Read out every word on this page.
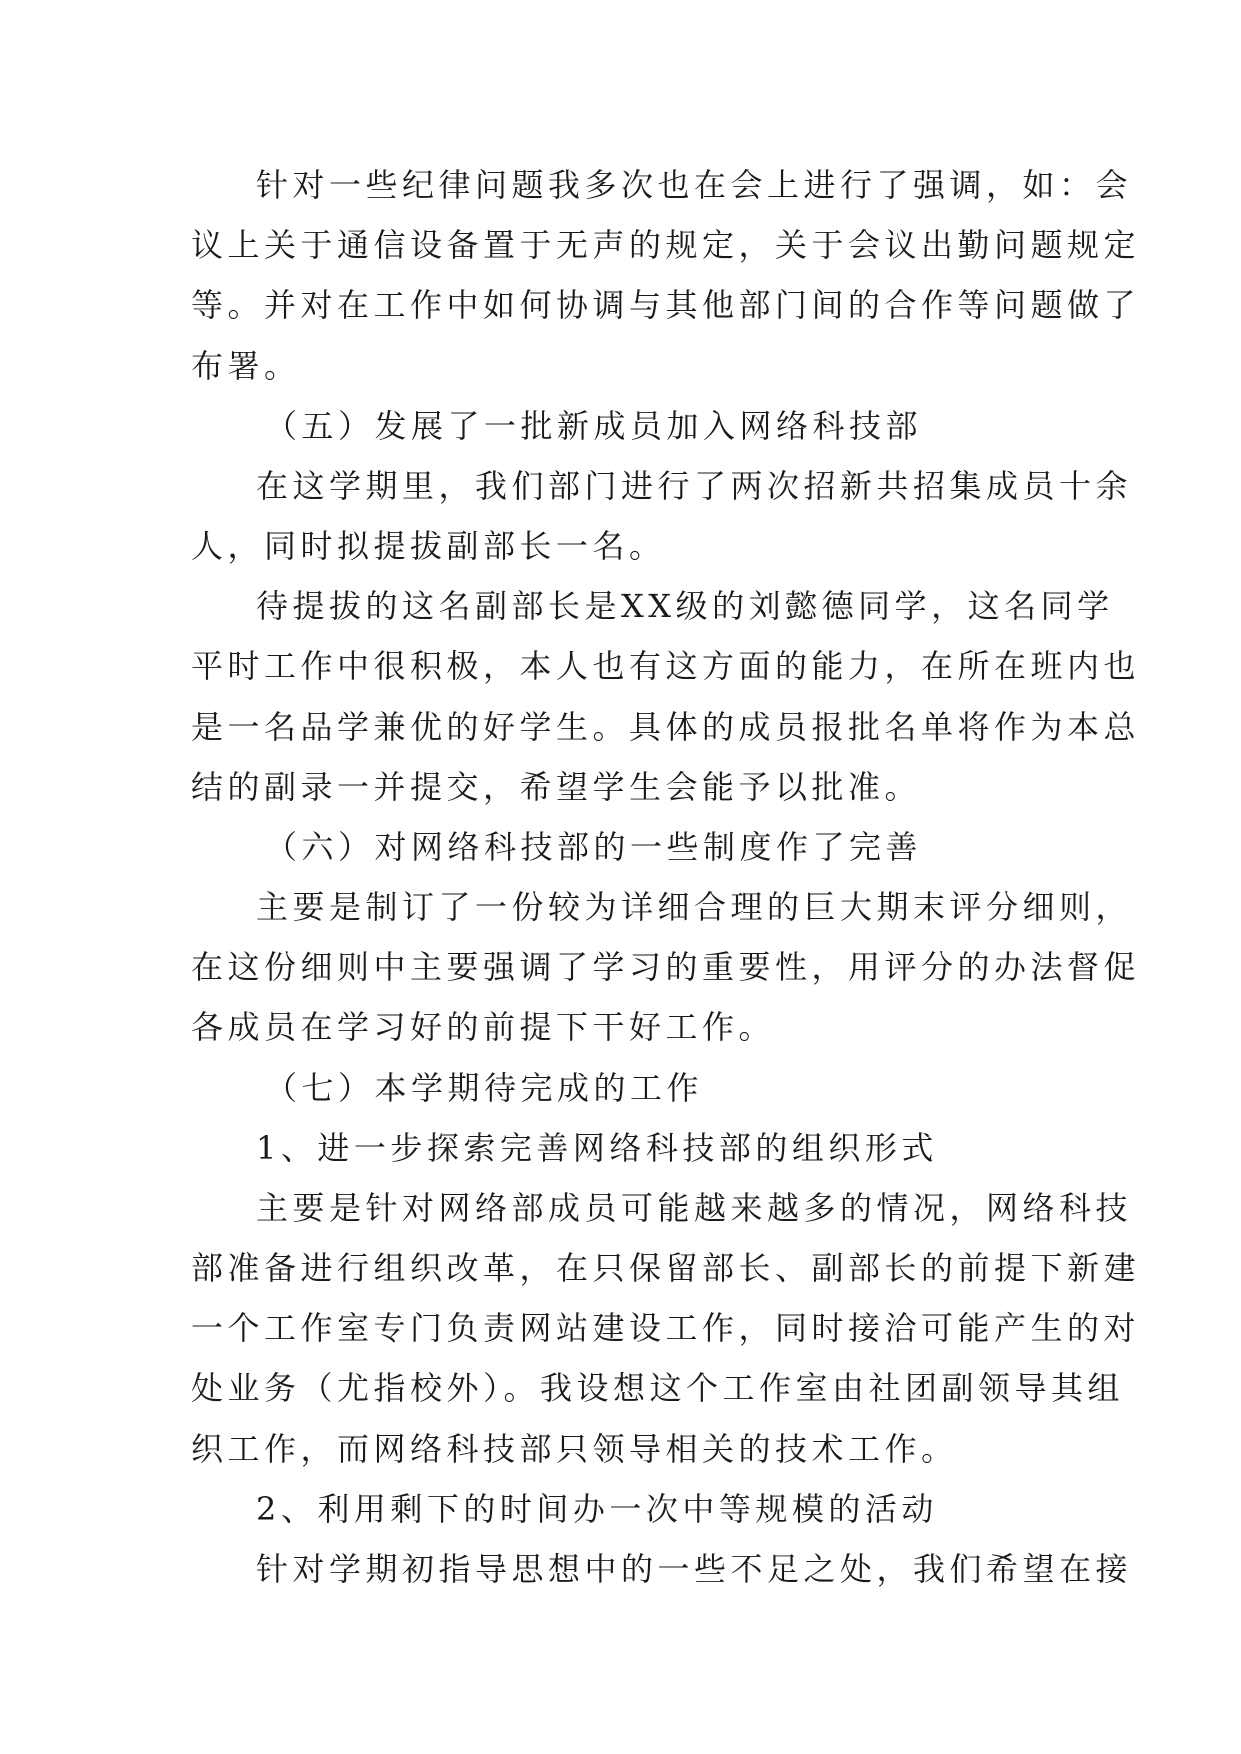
针对一些纪律问题我多次也在会上进行了强调，如：会
议上关于通信设备置于无声的规定，关于会议出勤问题规定
等。并对在工作中如何协调与其他部门间的合作等问题做了
布署。
（五）发展了一批新成员加入网络科技部
在这学期里，我们部门进行了两次招新共招集成员十余
人，同时拟提拔副部长一名。
待提拔的这名副部长是XX级的刘懿德同学，这名同学
平时工作中很积极，本人也有这方面的能力，在所在班内也
是一名品学兼优的好学生。具体的成员报批名单将作为本总
结的副录一并提交，希望学生会能予以批准。
（六）对网络科技部的一些制度作了完善
主要是制订了一份较为详细合理的巨大期末评分细则，
在这份细则中主要强调了学习的重要性，用评分的办法督促
各成员在学习好的前提下干好工作。
（七）本学期待完成的工作
1、进一步探索完善网络科技部的组织形式
主要是针对网络部成员可能越来越多的情况，网络科技
部准备进行组织改革，在只保留部长、副部长的前提下新建
一个工作室专门负责网站建设工作，同时接洽可能产生的对
处业务（尤指校外）。我设想这个工作室由社团副领导其组
织工作，而网络科技部只领导相关的技术工作。
2、利用剩下的时间办一次中等规模的活动
针对学期初指导思想中的一些不足之处，我们希望在接
